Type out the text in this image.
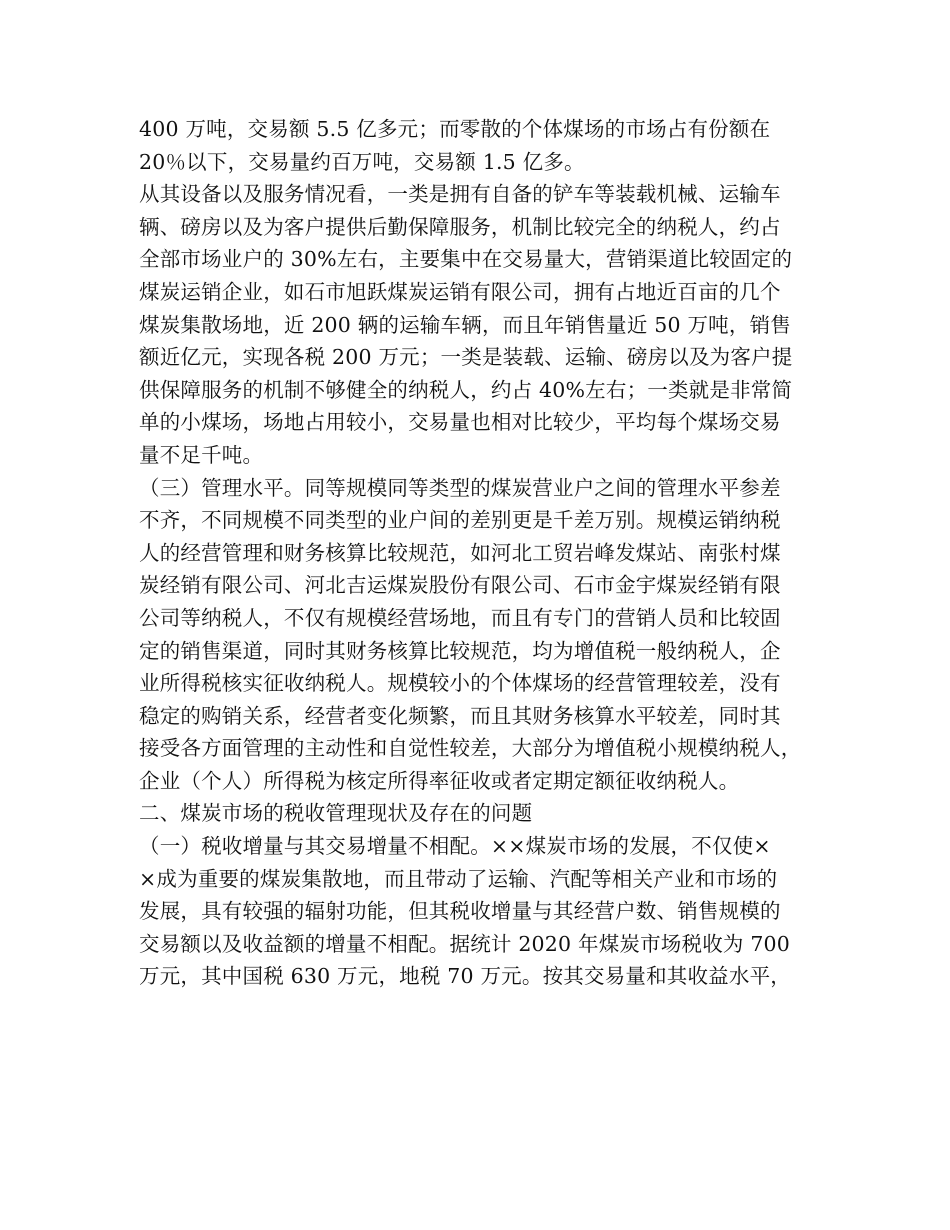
400 万吨，交易额 5.5 亿多元；而零散的个体煤场的市场占有份额在
20％以下，交易量约百万吨，交易额 1.5 亿多。
从其设备以及服务情况看，一类是拥有自备的铲车等装载机械、运输车
辆、磅房以及为客户提供后勤保障服务，机制比较完全的纳税人，约占
全部市场业户的 30%左右，主要集中在交易量大，营销渠道比较固定的
煤炭运销企业，如石市旭跃煤炭运销有限公司，拥有占地近百亩的几个
煤炭集散场地，近 200 辆的运输车辆，而且年销售量近 50 万吨，销售
额近亿元，实现各税 200 万元；一类是装载、运输、磅房以及为客户提
供保障服务的机制不够健全的纳税人，约占 40%左右；一类就是非常简
单的小煤场，场地占用较小，交易量也相对比较少，平均每个煤场交易
量不足千吨。
（三）管理水平。同等规模同等类型的煤炭营业户之间的管理水平参差
不齐，不同规模不同类型的业户间的差别更是千差万别。规模运销纳税
人的经营管理和财务核算比较规范，如河北工贸岩峰发煤站、南张村煤
炭经销有限公司、河北吉运煤炭股份有限公司、石市金宇煤炭经销有限
公司等纳税人，不仅有规模经营场地，而且有专门的营销人员和比较固
定的销售渠道，同时其财务核算比较规范，均为增值税一般纳税人，企
业所得税核实征收纳税人。规模较小的个体煤场的经营管理较差，没有
稳定的购销关系，经营者变化频繁，而且其财务核算水平较差，同时其
接受各方面管理的主动性和自觉性较差，大部分为增值税小规模纳税人，
企业（个人）所得税为核定所得率征收或者定期定额征收纳税人。
二、煤炭市场的税收管理现状及存在的问题
（一）税收增量与其交易增量不相配。××煤炭市场的发展，不仅使×
×成为重要的煤炭集散地，而且带动了运输、汽配等相关产业和市场的
发展，具有较强的辐射功能，但其税收增量与其经营户数、销售规模的
交易额以及收益额的增量不相配。据统计 2020 年煤炭市场税收为 700
万元，其中国税 630 万元，地税 70 万元。按其交易量和其收益水平，
